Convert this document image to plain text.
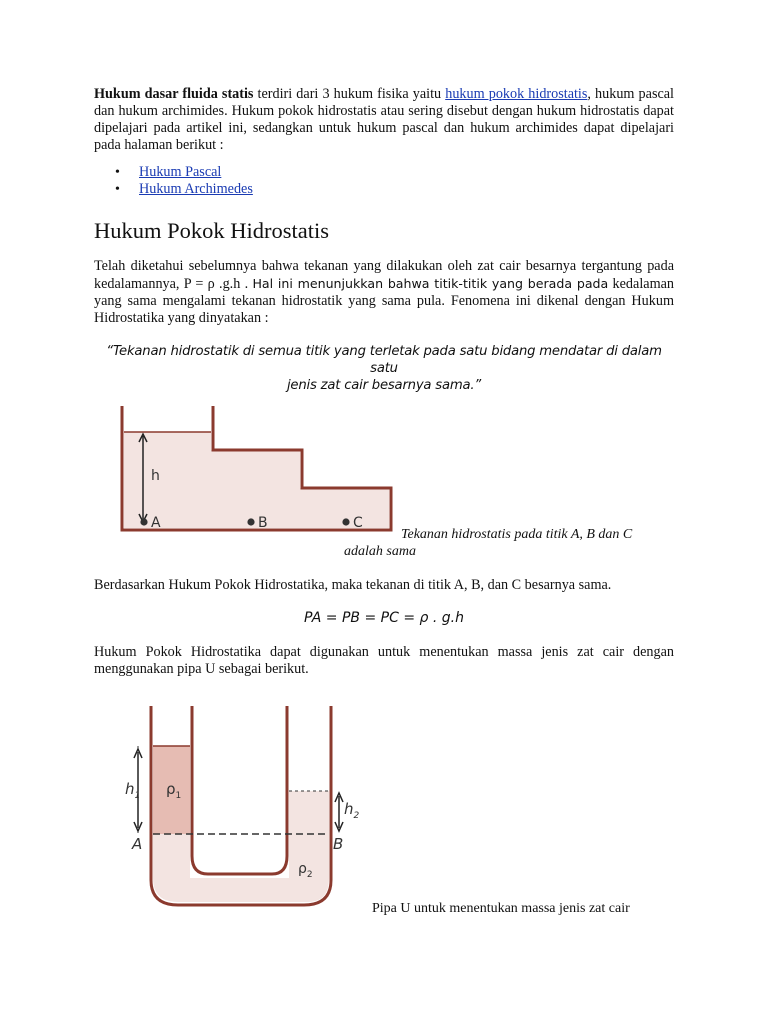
Hukum dasar fluida statis terdiri dari 3 hukum fisika yaitu hukum pokok hidrostatis, hukum pascal dan hukum archimides. Hukum pokok hidrostatis atau sering disebut dengan hukum hidrostatis dapat dipelajari pada artikel ini, sedangkan untuk hukum pascal dan hukum archimides dapat dipelajari pada halaman berikut :

• Hukum Pascal
• Hukum Archimedes
Hukum Pokok Hidrostatis

Telah diketahui sebelumnya bahwa tekanan yang dilakukan oleh zat cair besarnya tergantung pada kedalamannya, P = ρ .g.h . Hal ini menunjukkan bahwa titik-titik yang berada pada kedalaman yang sama mengalami tekanan hidrostatik yang sama pula. Fenomena ini dikenal dengan Hukum Hidrostatika yang dinyatakan :

“Tekanan hidrostatik di semua titik yang terletak pada satu bidang mendatar di dalam satu

jenis zat cair besarnya sama.”

h
A	B	C
Tekanan hidrostatis pada titik A, B dan C
adalah sama
Berdasarkan Hukum Pokok Hidrostatika, maka tekanan di titik A, B, dan C besarnya sama.
PA = PB = PC = ρ . g.h
Hukum Pokok Hidrostatika dapat digunakan untuk menentukan massa jenis zat cair dengan menggunakan pipa U sebagai berikut.
$h_1$ $\rho_1$
$h_2$
A	B
$\rho_2$
Pipa U untuk menentukan massa jenis zat cair
